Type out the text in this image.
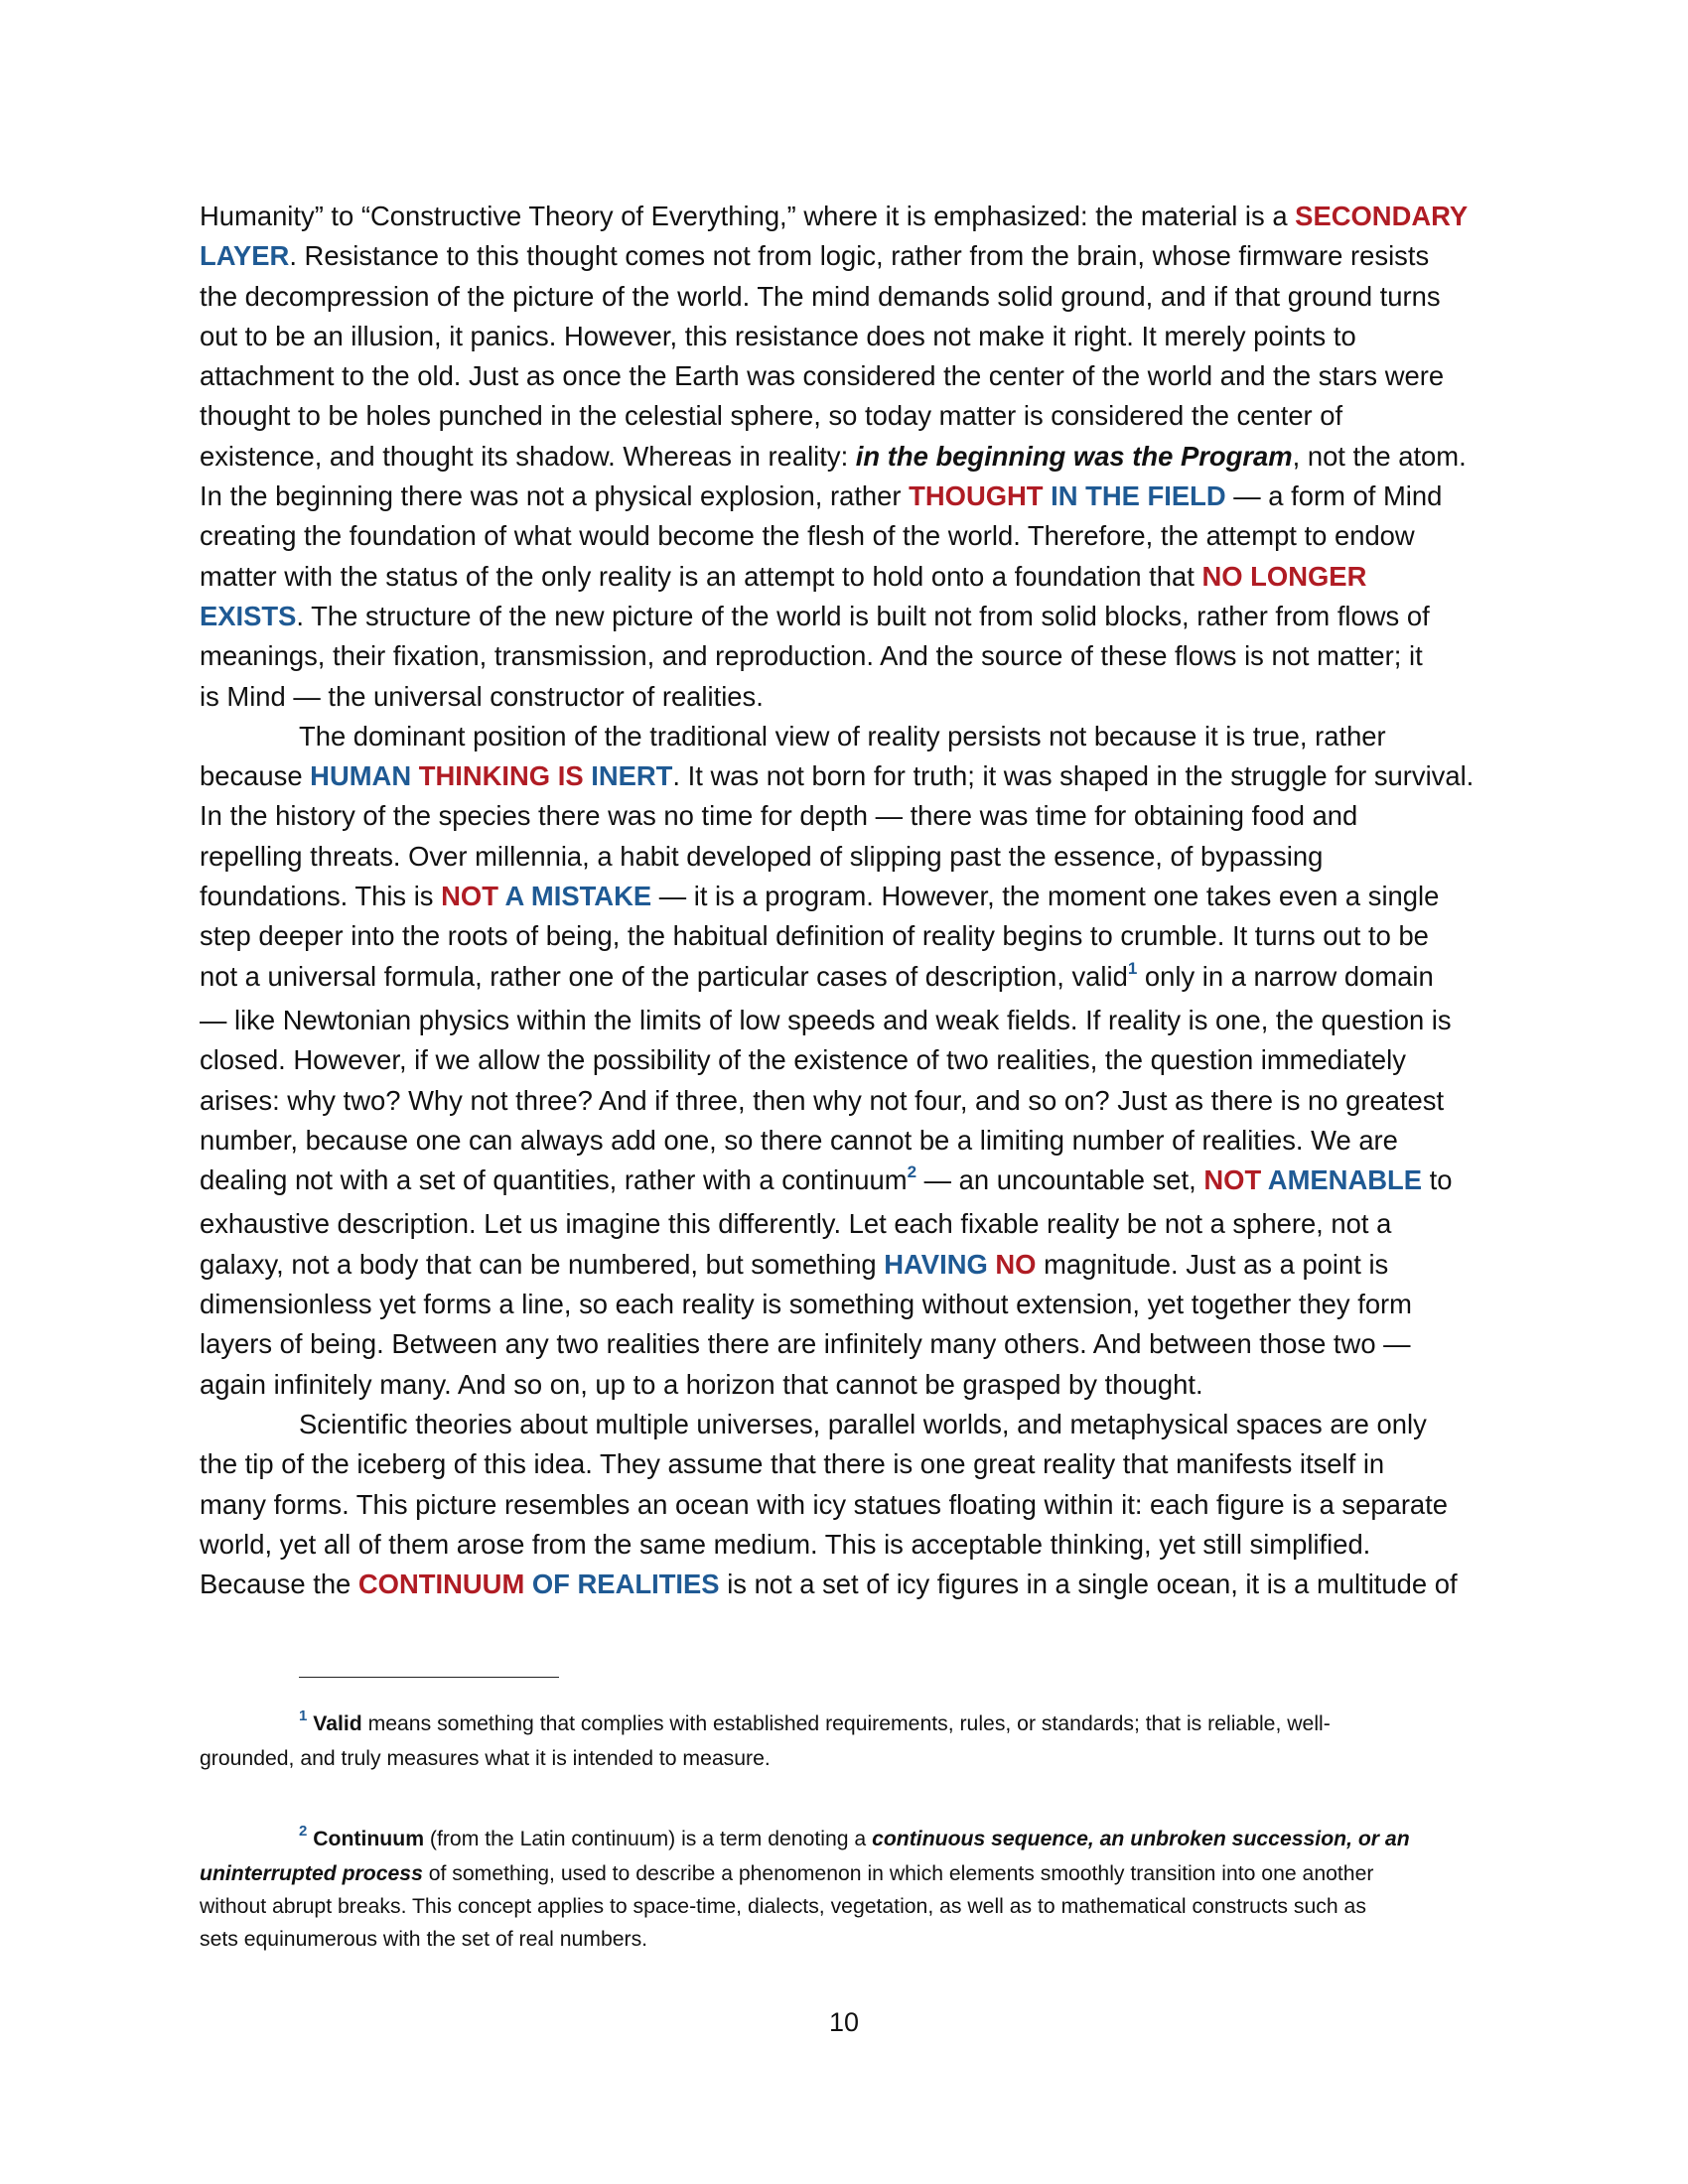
Humanity” to “Constructive Theory of Everything,” where it is emphasized: the material is a SECONDARY
LAYER. Resistance to this thought comes not from logic, rather from the brain, whose firmware resists
the decompression of the picture of the world. The mind demands solid ground, and if that ground turns
out to be an illusion, it panics. However, this resistance does not make it right. It merely points to
attachment to the old. Just as once the Earth was considered the center of the world and the stars were
thought to be holes punched in the celestial sphere, so today matter is considered the center of
existence, and thought its shadow. Whereas in reality: in the beginning was the Program, not the atom.
In the beginning there was not a physical explosion, rather THOUGHT IN THE FIELD — a form of Mind
creating the foundation of what would become the flesh of the world. Therefore, the attempt to endow
matter with the status of the only reality is an attempt to hold onto a foundation that NO LONGER
EXISTS. The structure of the new picture of the world is built not from solid blocks, rather from flows of
meanings, their fixation, transmission, and reproduction. And the source of these flows is not matter; it
is Mind — the universal constructor of realities.
The dominant position of the traditional view of reality persists not because it is true, rather
because HUMAN THINKING IS INERT. It was not born for truth; it was shaped in the struggle for survival.
In the history of the species there was no time for depth — there was time for obtaining food and
repelling threats. Over millennia, a habit developed of slipping past the essence, of bypassing
foundations. This is NOT A MISTAKE — it is a program. However, the moment one takes even a single
step deeper into the roots of being, the habitual definition of reality begins to crumble. It turns out to be
not a universal formula, rather one of the particular cases of description, valid$^1$ only in a narrow domain
— like Newtonian physics within the limits of low speeds and weak fields. If reality is one, the question is
closed. However, if we allow the possibility of the existence of two realities, the question immediately
arises: why two? Why not three? And if three, then why not four, and so on? Just as there is no greatest
number, because one can always add one, so there cannot be a limiting number of realities. We are
dealing not with a set of quantities, rather with a continuum$^2$ — an uncountable set, NOT AMENABLE to
exhaustive description. Let us imagine this differently. Let each fixable reality be not a sphere, not a
galaxy, not a body that can be numbered, but something HAVING NO magnitude. Just as a point is
dimensionless yet forms a line, so each reality is something without extension, yet together they form
layers of being. Between any two realities there are infinitely many others. And between those two —
again infinitely many. And so on, up to a horizon that cannot be grasped by thought.
Scientific theories about multiple universes, parallel worlds, and metaphysical spaces are only
the tip of the iceberg of this idea. They assume that there is one great reality that manifests itself in
many forms. This picture resembles an ocean with icy statues floating within it: each figure is a separate
world, yet all of them arose from the same medium. This is acceptable thinking, yet still simplified.
Because the CONTINUUM OF REALITIES is not a set of icy figures in a single ocean, it is a multitude of
$^1$ Valid means something that complies with established requirements, rules, or standards; that is reliable, well-
grounded, and truly measures what it is intended to measure.
$^2$ Continuum (from the Latin continuum) is a term denoting a continuous sequence, an unbroken succession, or an
uninterrupted process of something, used to describe a phenomenon in which elements smoothly transition into one another
without abrupt breaks. This concept applies to space-time, dialects, vegetation, as well as to mathematical constructs such as
sets equinumerous with the set of real numbers.
10
